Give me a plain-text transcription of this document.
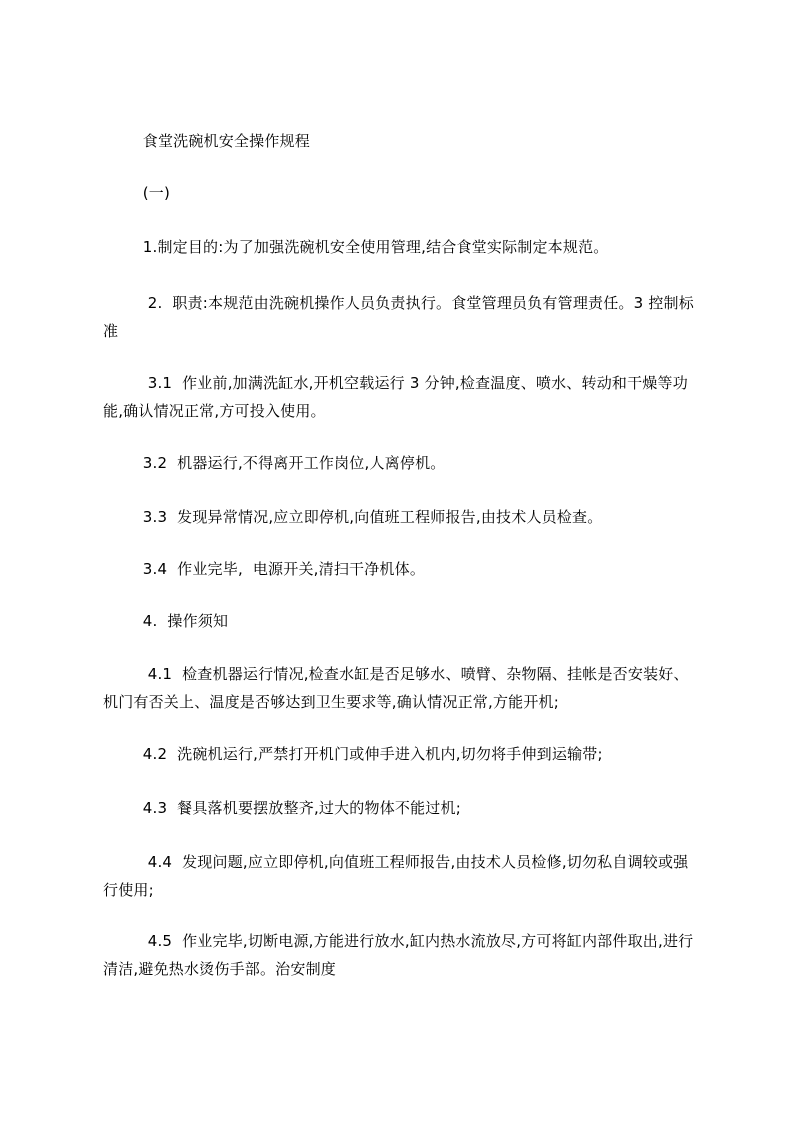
食堂洗碗机安全操作规程
(一)
1.制定目的:为了加强洗碗机安全使用管理,结合食堂实际制定本规范。
2.  职责:本规范由洗碗机操作人员负责执行。食堂管理员负有管理责任。3 控制标准
3.1  作业前,加满洗缸水,开机空载运行 3 分钟,检查温度、喷水、转动和干燥等功能,确认情况正常,方可投入使用。
3.2  机器运行,不得离开工作岗位,人离停机。
3.3  发现异常情况,应立即停机,向值班工程师报告,由技术人员检查。
3.4  作业完毕,  电源开关,清扫干净机体。
4.  操作须知
4.1  检查机器运行情况,检查水缸是否足够水、喷臂、杂物隔、挂帐是否安装好、机门有否关上、温度是否够达到卫生要求等,确认情况正常,方能开机;
4.2  洗碗机运行,严禁打开机门或伸手进入机内,切勿将手伸到运输带;
4.3  餐具落机要摆放整齐,过大的物体不能过机;
4.4  发现问题,应立即停机,向值班工程师报告,由技术人员检修,切勿私自调较或强行使用;
4.5  作业完毕,切断电源,方能进行放水,缸内热水流放尽,方可将缸内部件取出,进行清洁,避免热水烫伤手部。治安制度
